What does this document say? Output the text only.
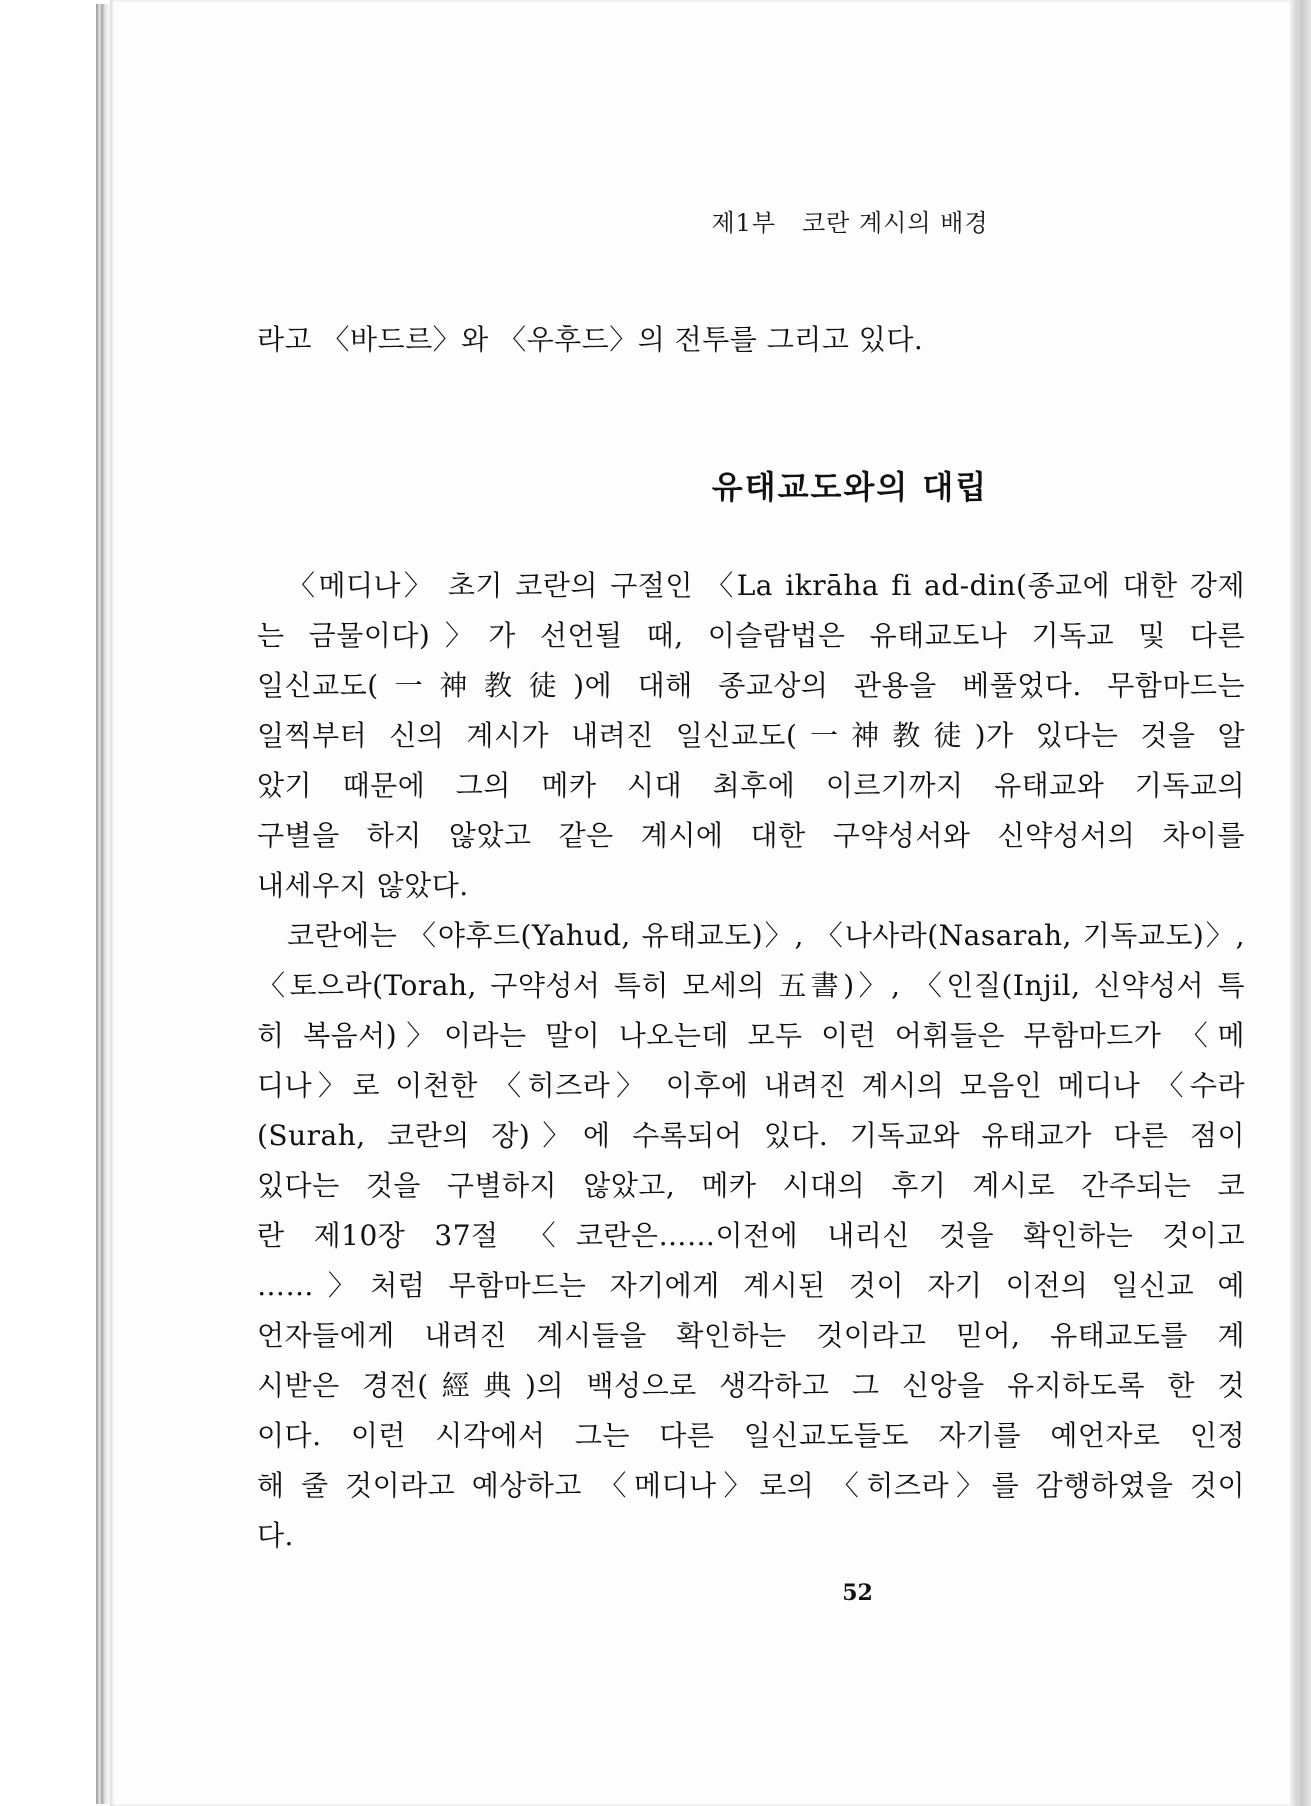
제1부   코란 계시의 배경
라고 〈바드르〉와 〈우후드〉의 전투를 그리고 있다.
유태교도와의 대립
〈메디나〉 초기 코란의 구절인 〈La ikrāha fi ad-din(종교에 대한 강제
는 금물이다)〉가 선언될 때, 이슬람법은 유태교도나 기독교 및 다른
일신교도(一神教徒)에 대해 종교상의 관용을 베풀었다. 무함마드는
일찍부터 신의 계시가 내려진 일신교도(一神教徒)가 있다는 것을 알
았기 때문에 그의 메카 시대 최후에 이르기까지 유태교와 기독교의
구별을 하지 않았고 같은 계시에 대한 구약성서와 신약성서의 차이를
내세우지 않았다.
코란에는 〈야후드(Yahud, 유태교도)〉, 〈나사라(Nasarah, 기독교도)〉,
〈토으라(Torah, 구약성서 특히 모세의 五書)〉, 〈인질(Injil, 신약성서 특
히 복음서)〉이라는 말이 나오는데 모두 이런 어휘들은 무함마드가 〈메
디나〉로 이천한 〈히즈라〉 이후에 내려진 계시의 모음인 메디나 〈수라
(Surah, 코란의 장)〉에 수록되어 있다. 기독교와 유태교가 다른 점이
있다는 것을 구별하지 않았고, 메카 시대의 후기 계시로 간주되는 코
란 제10장 37절 〈코란은……이전에 내리신 것을 확인하는 것이고
……〉처럼 무함마드는 자기에게 계시된 것이 자기 이전의 일신교 예
언자들에게 내려진 계시들을 확인하는 것이라고 믿어, 유태교도를 계
시받은 경전(經典)의 백성으로 생각하고 그 신앙을 유지하도록 한 것
이다. 이런 시각에서 그는 다른 일신교도들도 자기를 예언자로 인정
해 줄 것이라고 예상하고 〈메디나〉로의 〈히즈라〉를 감행하였을 것이
다.
52
